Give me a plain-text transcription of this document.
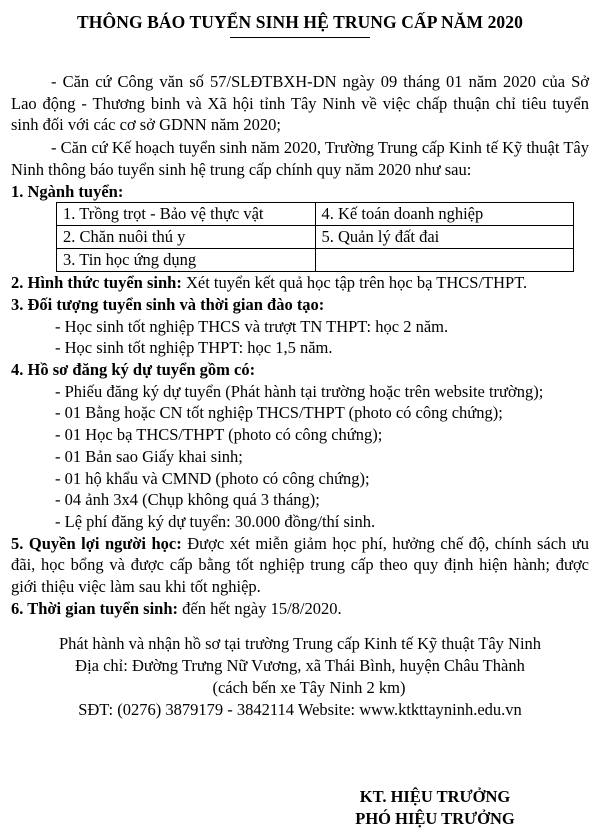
THÔNG BÁO TUYỂN SINH HỆ TRUNG CẤP NĂM 2020

- Căn cứ Công văn số 57/SLĐTBXH-DN ngày 09 tháng 01 năm 2020 của Sở Lao động - Thương binh và Xã hội tỉnh Tây Ninh về việc chấp thuận chỉ tiêu tuyển sinh đối với các cơ sở GDNN năm 2020;

- Căn cứ Kế hoạch tuyển sinh năm 2020, Trường Trung cấp Kinh tế Kỹ thuật Tây Ninh thông báo tuyển sinh hệ trung cấp chính quy năm 2020 như sau:

1. Ngành tuyển:

1. Trồng trọt - Bảo vệ thực vật	4. Kế toán doanh nghiệp
2. Chăn nuôi thú y	5. Quản lý đất đai
3. Tin học ứng dụng	

2. Hình thức tuyển sinh: Xét tuyển kết quả học tập trên học bạ THCS/THPT.

3. Đối tượng tuyển sinh và thời gian đào tạo:

- Học sinh tốt nghiệp THCS và trượt TN THPT: học 2 năm.

- Học sinh tốt nghiệp THPT: học 1,5 năm.

4. Hồ sơ đăng ký dự tuyển gồm có:

- Phiếu đăng ký dự tuyển (Phát hành tại trường hoặc trên website trường);

- 01 Bằng hoặc CN tốt nghiệp THCS/THPT (photo có công chứng);

- 01 Học bạ THCS/THPT (photo có công chứng);

- 01 Bản sao Giấy khai sinh;

- 01 hộ khẩu và CMND (photo có công chứng);

- 04 ảnh 3x4 (Chụp không quá 3 tháng);

- Lệ phí đăng ký dự tuyển: 30.000 đồng/thí sinh.

5. Quyền lợi người học: Được xét miễn giảm học phí, hưởng chế độ, chính sách ưu đãi, học bổng và được cấp bằng tốt nghiệp trung cấp theo quy định hiện hành; được giới thiệu việc làm sau khi tốt nghiệp.

6. Thời gian tuyển sinh: đến hết ngày 15/8/2020.

Phát hành và nhận hồ sơ tại trường Trung cấp Kinh tế Kỹ thuật Tây Ninh

Địa chỉ: Đường Trưng Nữ Vương, xã Thái Bình, huyện Châu Thành

(cách bến xe Tây Ninh 2 km)

SĐT: (0276) 3879179 - 3842114 Website: www.ktkttayninh.edu.vn

KT. HIỆU TRƯỞNG

PHÓ HIỆU TRƯỞNG
